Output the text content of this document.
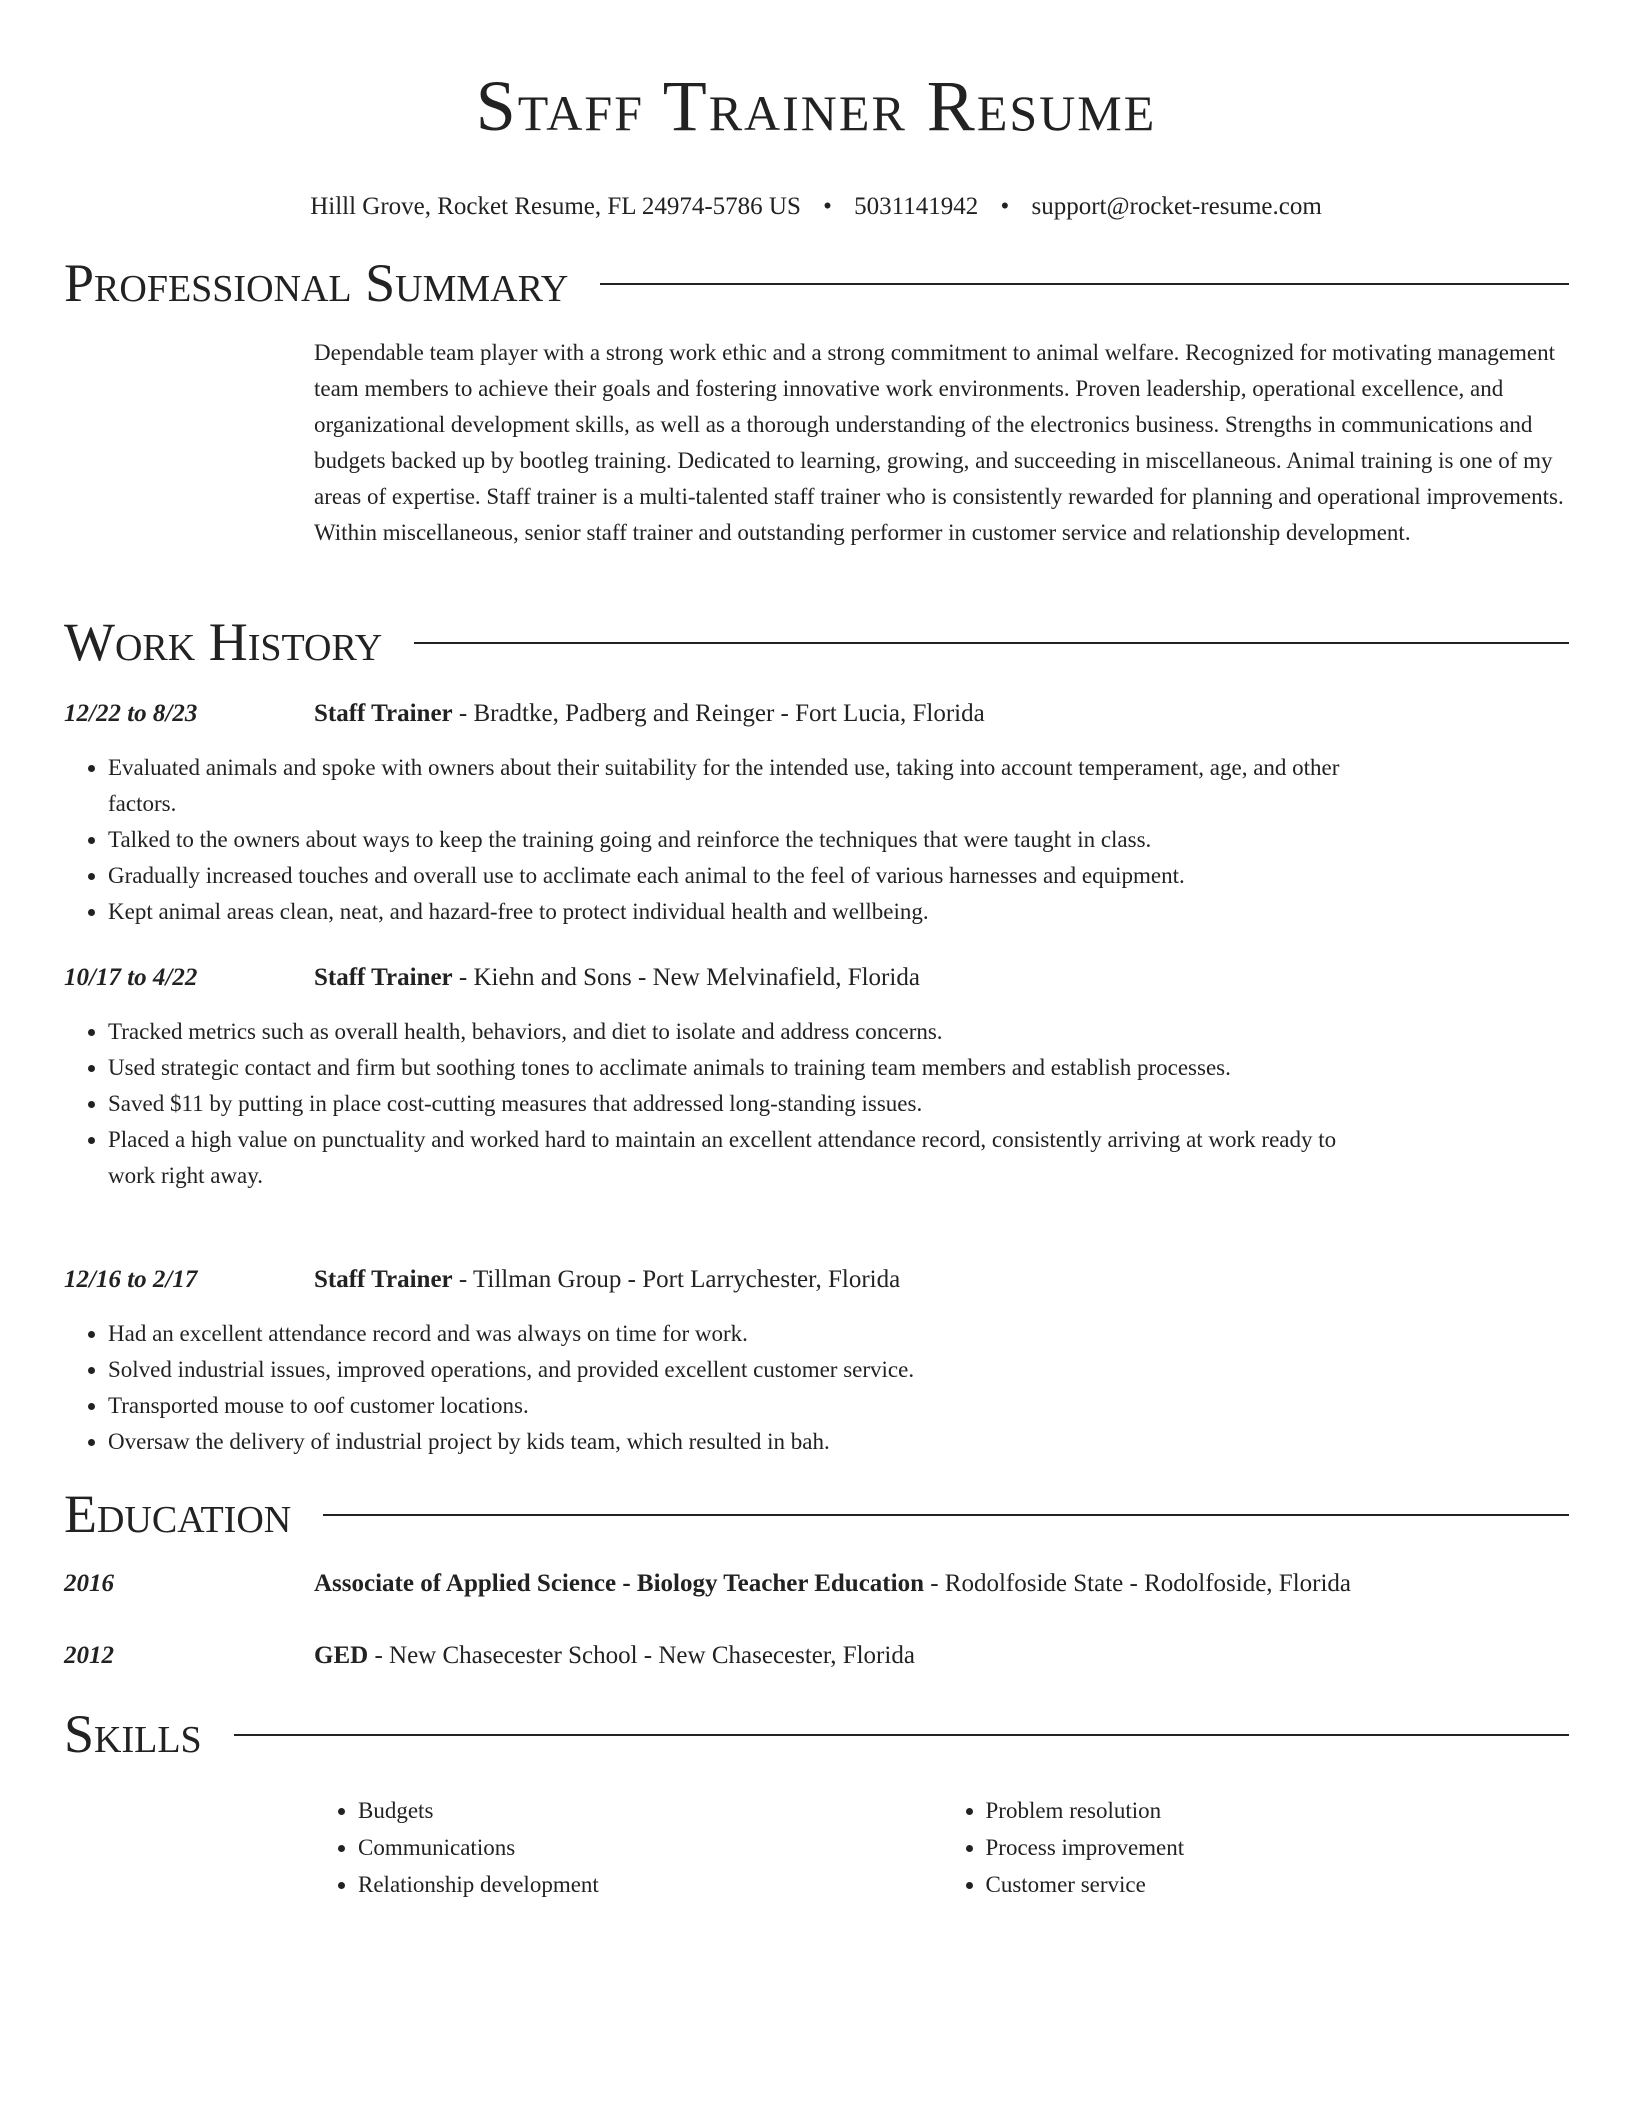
Staff Trainer Resume
Hilll Grove, Rocket Resume, FL 24974-5786 US • 5031141942 • support@rocket-resume.com
Professional Summary
Dependable team player with a strong work ethic and a strong commitment to animal welfare. Recognized for motivating management team members to achieve their goals and fostering innovative work environments. Proven leadership, operational excellence, and organizational development skills, as well as a thorough understanding of the electronics business. Strengths in communications and budgets backed up by bootleg training. Dedicated to learning, growing, and succeeding in miscellaneous. Animal training is one of my areas of expertise. Staff trainer is a multi-talented staff trainer who is consistently rewarded for planning and operational improvements. Within miscellaneous, senior staff trainer and outstanding performer in customer service and relationship development.
Work History
12/22 to 8/23	Staff Trainer - Bradtke, Padberg and Reinger - Fort Lucia, Florida
• Evaluated animals and spoke with owners about their suitability for the intended use, taking into account temperament, age, and other factors.
• Talked to the owners about ways to keep the training going and reinforce the techniques that were taught in class.
• Gradually increased touches and overall use to acclimate each animal to the feel of various harnesses and equipment.
• Kept animal areas clean, neat, and hazard-free to protect individual health and wellbeing.
10/17 to 4/22	Staff Trainer - Kiehn and Sons - New Melvinafield, Florida
• Tracked metrics such as overall health, behaviors, and diet to isolate and address concerns.
• Used strategic contact and firm but soothing tones to acclimate animals to training team members and establish processes.
• Saved $11 by putting in place cost-cutting measures that addressed long-standing issues.
• Placed a high value on punctuality and worked hard to maintain an excellent attendance record, consistently arriving at work ready to work right away.
12/16 to 2/17	Staff Trainer - Tillman Group - Port Larrychester, Florida
• Had an excellent attendance record and was always on time for work.
• Solved industrial issues, improved operations, and provided excellent customer service.
• Transported mouse to oof customer locations.
• Oversaw the delivery of industrial project by kids team, which resulted in bah.
Education
2016	Associate of Applied Science - Biology Teacher Education - Rodolfoside State - Rodolfoside, Florida
2012	GED - New Chasecester School - New Chasecester, Florida
Skills
• Budgets
• Communications
• Relationship development
• Problem resolution
• Process improvement
• Customer service
